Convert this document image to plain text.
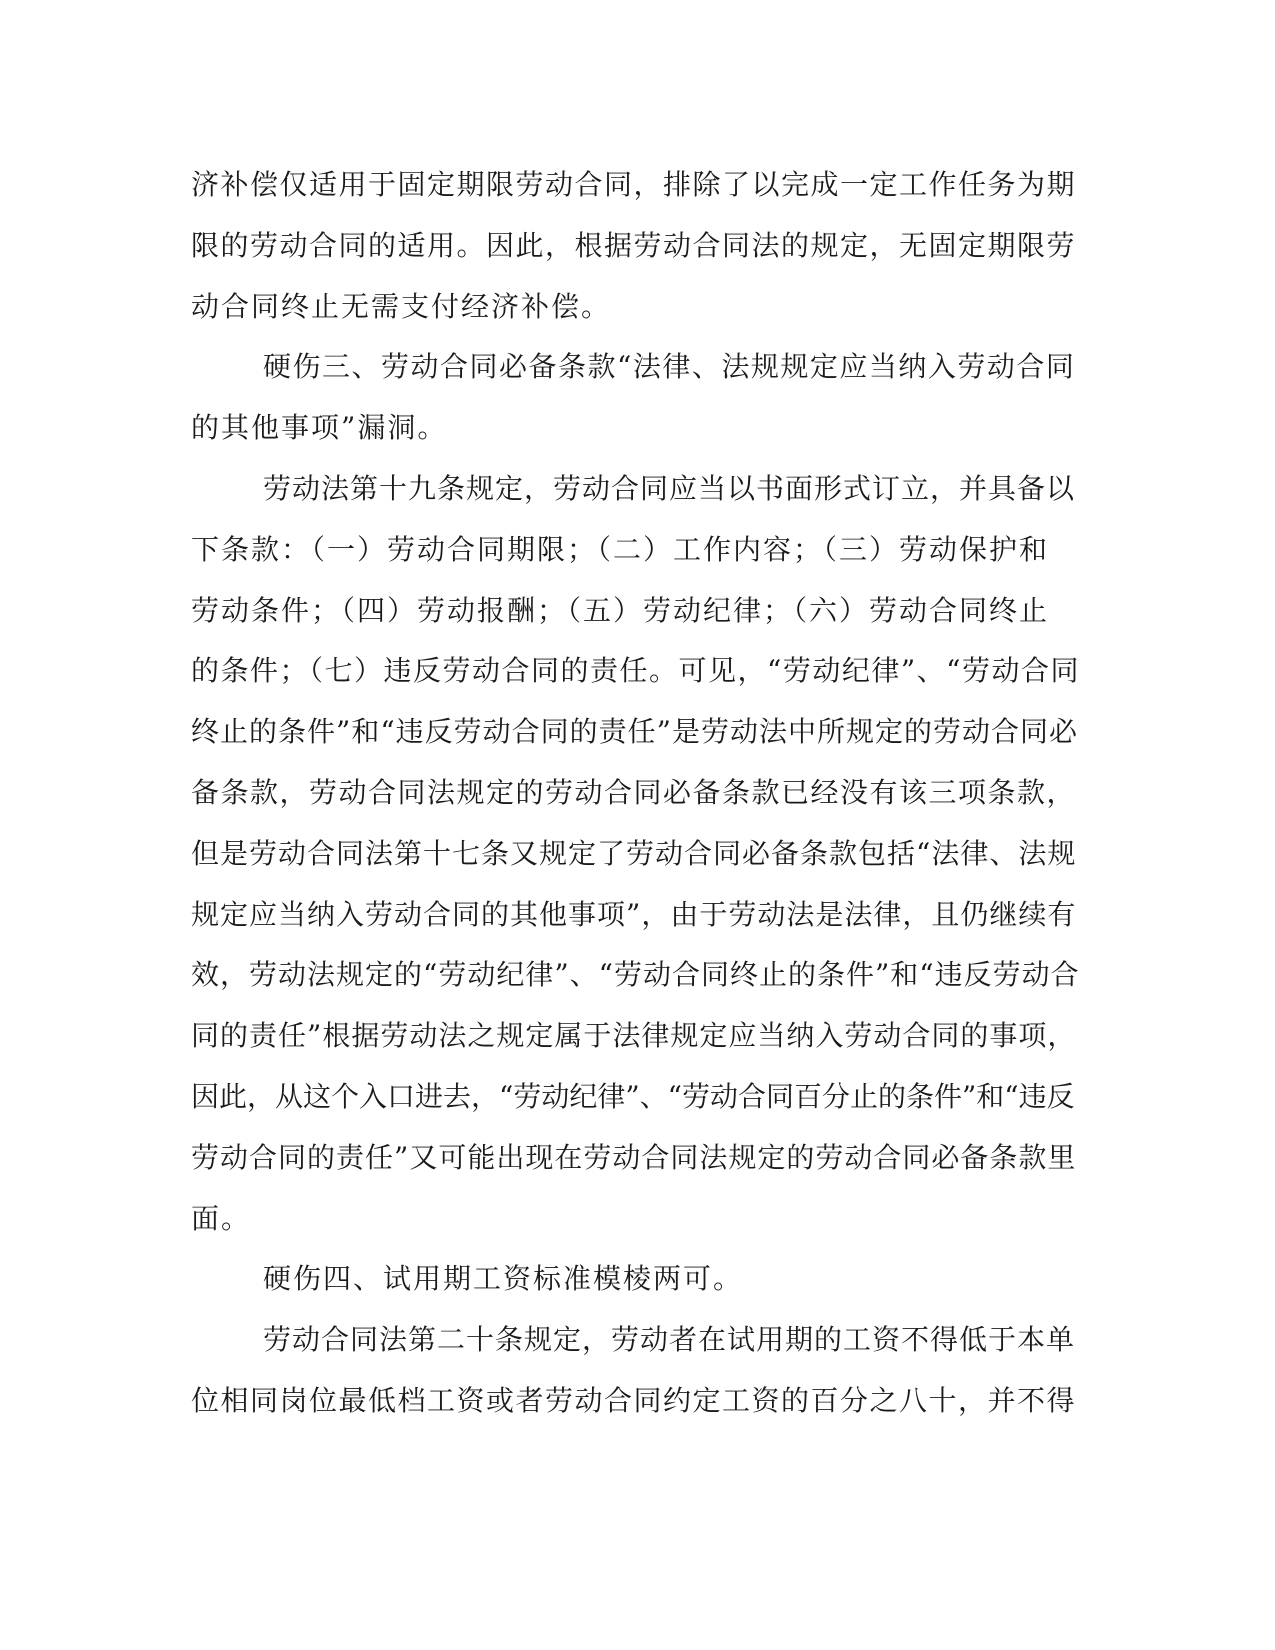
济补偿仅适用于固定期限劳动合同，排除了以完成一定工作任务为期
限的劳动合同的适用。因此，根据劳动合同法的规定，无固定期限劳
动合同终止无需支付经济补偿。
硬伤三、劳动合同必备条款“法律、法规规定应当纳入劳动合同
的其他事项”漏洞。
劳动法第十九条规定，劳动合同应当以书面形式订立，并具备以
下条款：（一）劳动合同期限；（二）工作内容；（三）劳动保护和
劳动条件；（四）劳动报酬；（五）劳动纪律；（六）劳动合同终止
的条件；（七）违反劳动合同的责任。可见，“劳动纪律”、“劳动合同
终止的条件”和“违反劳动合同的责任”是劳动法中所规定的劳动合同必
备条款，劳动合同法规定的劳动合同必备条款已经没有该三项条款，
但是劳动合同法第十七条又规定了劳动合同必备条款包括“法律、法规
规定应当纳入劳动合同的其他事项”，由于劳动法是法律，且仍继续有
效，劳动法规定的“劳动纪律”、“劳动合同终止的条件”和“违反劳动合
同的责任”根据劳动法之规定属于法律规定应当纳入劳动合同的事项，
因此，从这个入口进去，“劳动纪律”、“劳动合同百分止的条件”和“违反
劳动合同的责任”又可能出现在劳动合同法规定的劳动合同必备条款里
面。
硬伤四、试用期工资标准模棱两可。
劳动合同法第二十条规定，劳动者在试用期的工资不得低于本单
位相同岗位最低档工资或者劳动合同约定工资的百分之八十，并不得
